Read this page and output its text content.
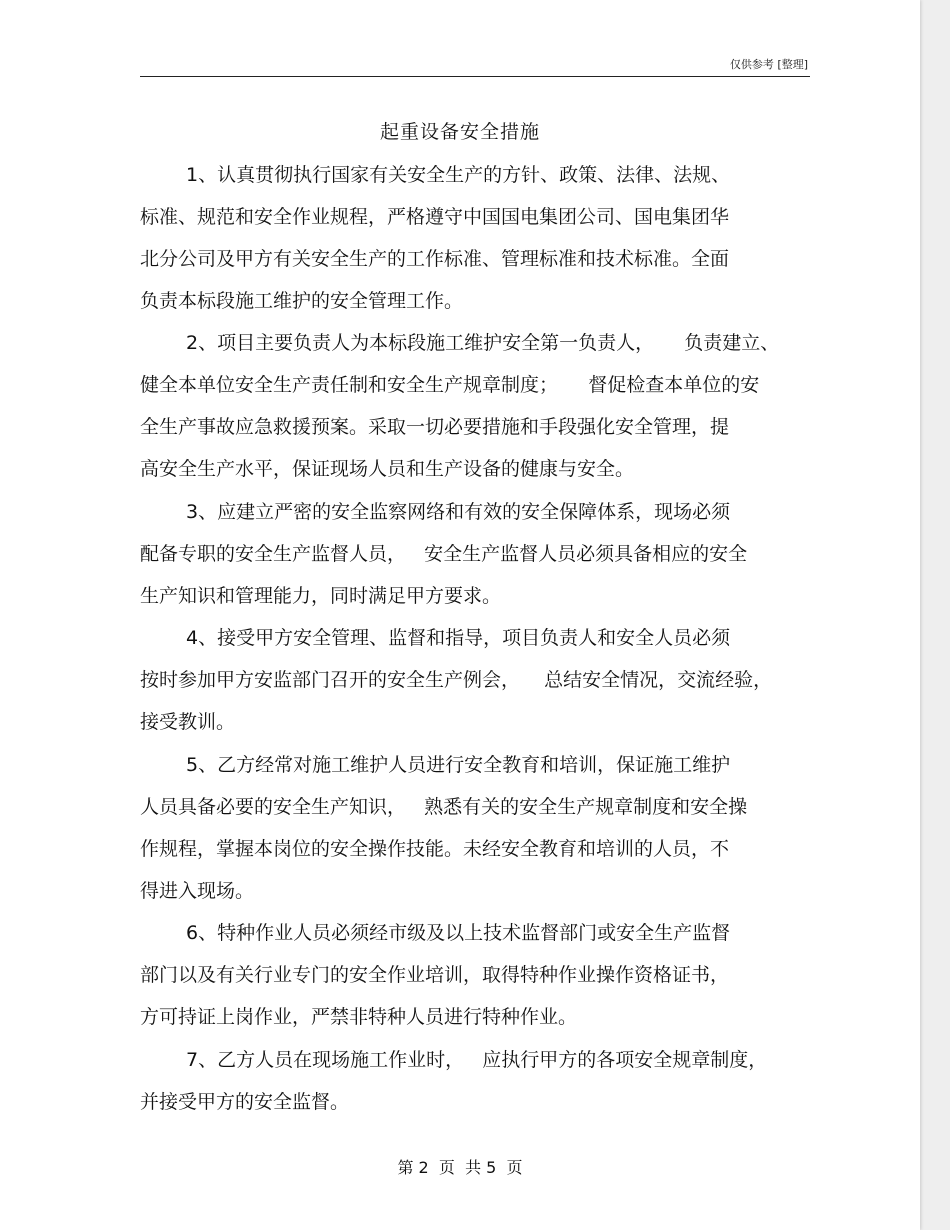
仅供参考 [整理]
起重设备安全措施
1、认真贯彻执行国家有关安全生产的方针、政策、法律、法规、
标准、规范和安全作业规程，严格遵守中国国电集团公司、国电集团华
北分公司及甲方有关安全生产的工作标准、管理标准和技术标准。全面
负责本标段施工维护的安全管理工作。
2、项目主要负责人为本标段施工维护安全第一负责人，     负责建立、
健全本单位安全生产责任制和安全生产规章制度；     督促检查本单位的安
全生产事故应急救援预案。采取一切必要措施和手段强化安全管理，提
高安全生产水平，保证现场人员和生产设备的健康与安全。
3、应建立严密的安全监察网络和有效的安全保障体系，现场必须
配备专职的安全生产监督人员，   安全生产监督人员必须具备相应的安全
生产知识和管理能力，同时满足甲方要求。
4、接受甲方安全管理、监督和指导，项目负责人和安全人员必须
按时参加甲方安监部门召开的安全生产例会，    总结安全情况，交流经验，
接受教训。
5、乙方经常对施工维护人员进行安全教育和培训，保证施工维护
人员具备必要的安全生产知识，   熟悉有关的安全生产规章制度和安全操
作规程，掌握本岗位的安全操作技能。未经安全教育和培训的人员，不
得进入现场。
6、特种作业人员必须经市级及以上技术监督部门或安全生产监督
部门以及有关行业专门的安全作业培训，取得特种作业操作资格证书，
方可持证上岗作业，严禁非特种人员进行特种作业。
7、乙方人员在现场施工作业时，   应执行甲方的各项安全规章制度，
并接受甲方的安全监督。
第 2  页  共 5  页
